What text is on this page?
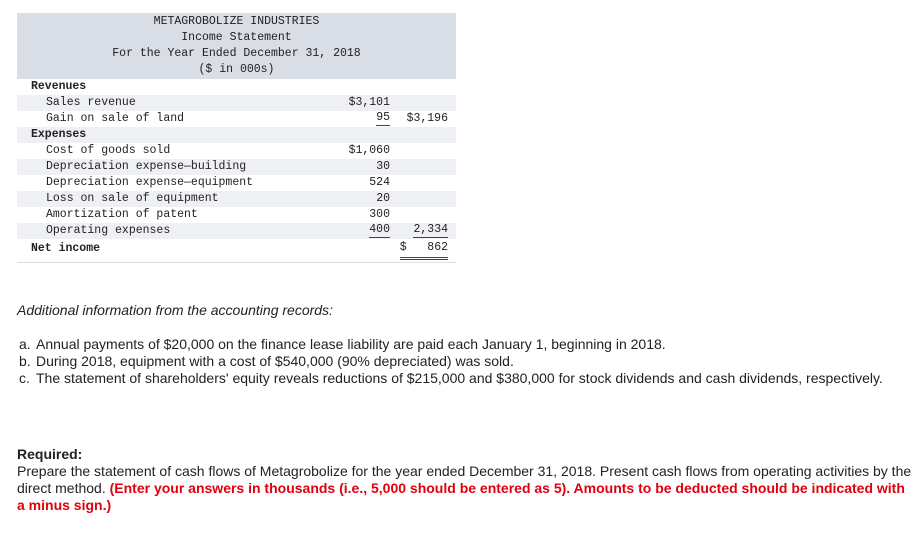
METAGROBOLIZE INDUSTRIES
Income Statement
For the Year Ended December 31, 2018
($ in 000s)
Revenues
Sales revenue	$3,101
Gain on sale of land	95 $3,196
Expenses
Cost of goods sold	$1,060
Depreciation expense—building	30
Depreciation expense—equipment	524
Loss on sale of equipment	20
Amortization of patent	300
Operating expenses	400 2,334
Net income	$   862
Additional information from the accounting records:
a. Annual payments of $20,000 on the finance lease liability are paid each January 1, beginning in 2018.
b. During 2018, equipment with a cost of $540,000 (90% depreciated) was sold.
c. The statement of shareholders' equity reveals reductions of $215,000 and $380,000 for stock dividends and cash dividends, respectively.
Required:
Prepare the statement of cash flows of Metagrobolize for the year ended December 31, 2018. Present cash flows from operating activities by the direct method. (Enter your answers in thousands (i.e., 5,000 should be entered as 5). Amounts to be deducted should be indicated with a minus sign.)
